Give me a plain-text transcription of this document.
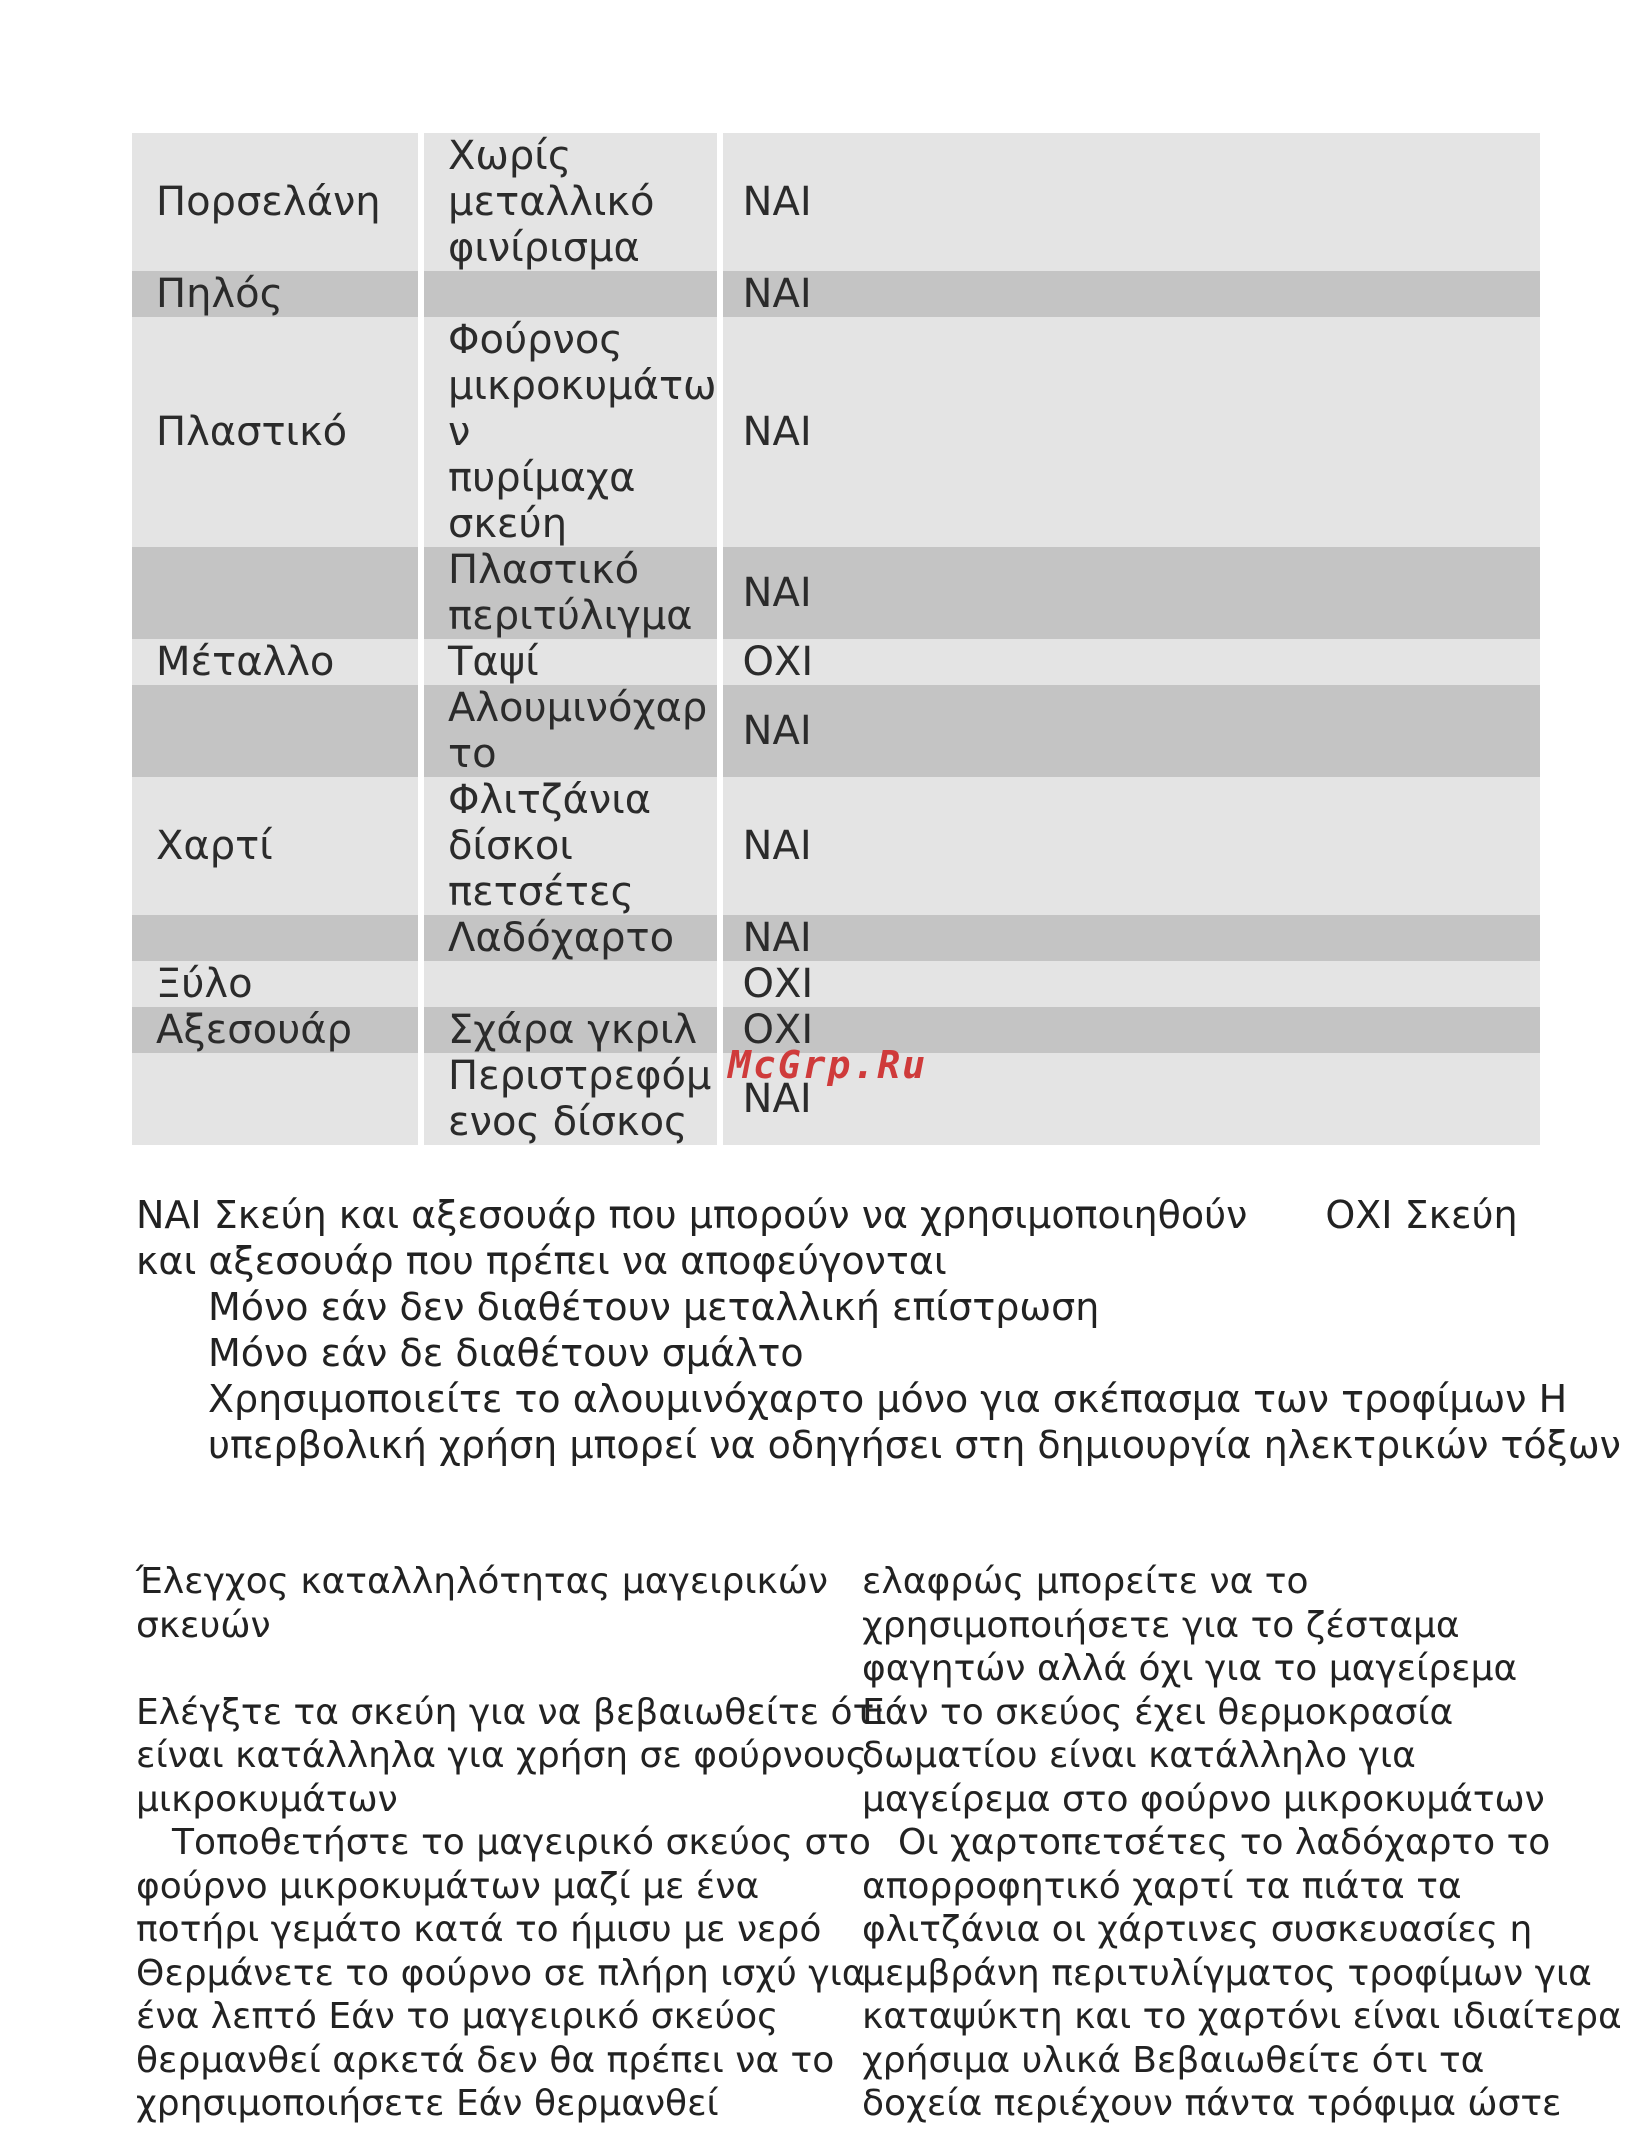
Πορσελάνη	Χωρίς
μεταλλικό
φινίρισμα	ΝΑΙ
Πηλός		ΝΑΙ
Πλαστικό	Φούρνος
μικροκυμάτω
ν
πυρίμαχα
σκεύη	ΝΑΙ

	Πλαστικό
περιτύλιγμα	ΝΑΙ
Μέταλλο	Ταψί	ΟΧΙ

	Αλουμινόχαρ
το	ΝΑΙ
Χαρτί	Φλιτζάνια
δίσκοι
πετσέτες	ΝΑΙ

	Λαδόχαρτο	ΝΑΙ
Ξύλο		ΟΧΙ
Αξεσουάρ	Σχάρα γκριλ	ΟΧΙ

	Περιστρεφόμ
ενος δίσκος	ΝΑΙ
McGrp.Ru
ΝΑΙ Σκεύη και αξεσουάρ που μπορούν να χρησιμοποιηθούν ΟΧΙ Σκεύη
και αξεσουάρ που πρέπει να αποφεύγονται
Μόνο εάν δεν διαθέτουν μεταλλική επίστρωση
Μόνο εάν δε διαθέτουν σμάλτο
Χρησιμοποιείτε το αλουμινόχαρτο μόνο για σκέπασμα των τροφίμων Η
υπερβολική χρήση μπορεί να οδηγήσει στη δημιουργία ηλεκτρικών τόξων

Έλεγχος καταλληλότητας μαγειρικών

σκευών

Ελέγξτε τα σκεύη για να βεβαιωθείτε ότι

είναι κατάλληλα για χρήση σε φούρνους

μικροκυμάτων

Τοποθετήστε το μαγειρικό σκεύος στο

φούρνο μικροκυμάτων μαζί με ένα

ποτήρι γεμάτο κατά το ήμισυ με νερό

Θερμάνετε το φούρνο σε πλήρη ισχύ για

ένα λεπτό Εάν το μαγειρικό σκεύος

θερμανθεί αρκετά δεν θα πρέπει να το

χρησιμοποιήσετε Εάν θερμανθεί

ελαφρώς μπορείτε να το

χρησιμοποιήσετε για το ζέσταμα

φαγητών αλλά όχι για το μαγείρεμα

Εάν το σκεύος έχει θερμοκρασία

δωματίου είναι κατάλληλο για

μαγείρεμα στο φούρνο μικροκυμάτων

Οι χαρτοπετσέτες το λαδόχαρτο το

απορροφητικό χαρτί τα πιάτα τα

φλιτζάνια οι χάρτινες συσκευασίες η

μεμβράνη περιτυλίγματος τροφίμων για

καταψύκτη και το χαρτόνι είναι ιδιαίτερα

χρήσιμα υλικά Βεβαιωθείτε ότι τα

δοχεία περιέχουν πάντα τρόφιμα ώστε
